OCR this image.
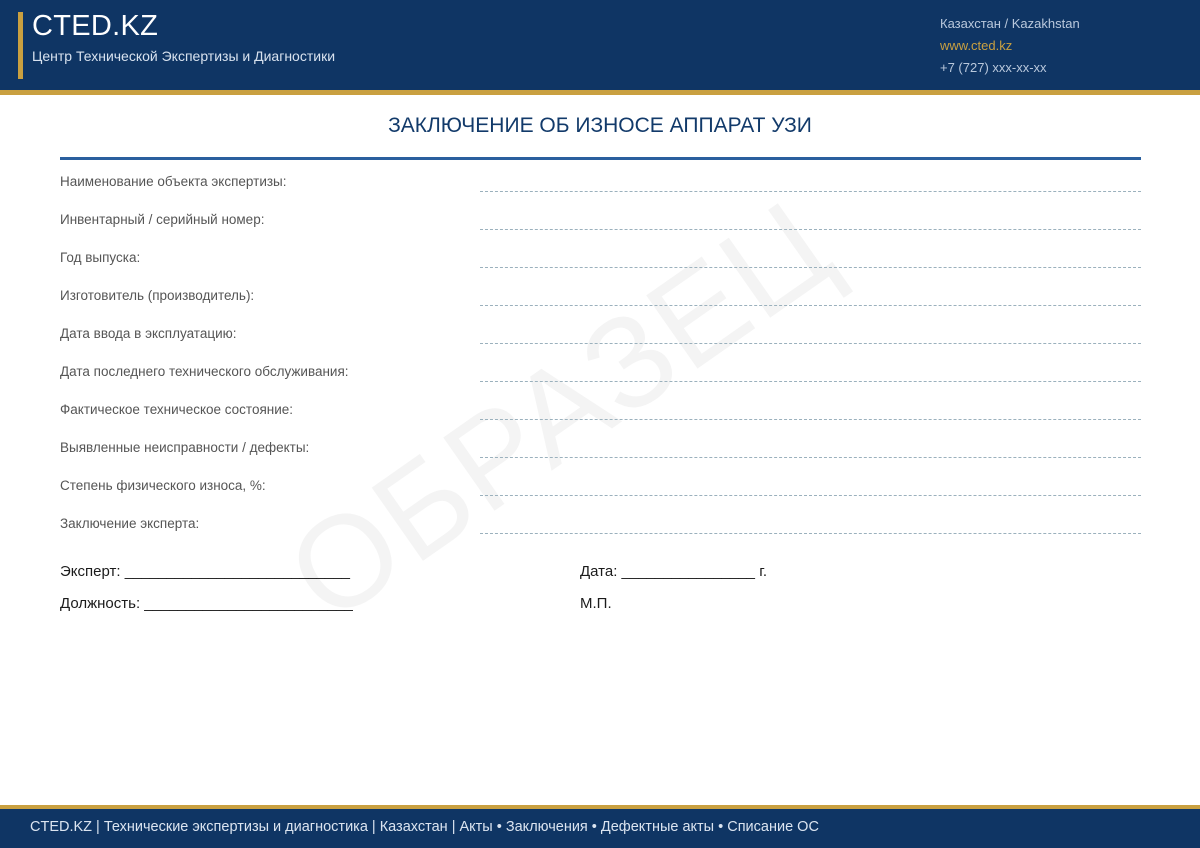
CTED.KZ
Центр Технической Экспертизы и Диагностики
Казахстан / Kazakhstan
www.cted.kz
+7 (727) xxx-xx-xx
ЗАКЛЮЧЕНИЕ ОБ ИЗНОСЕ АППАРАТ УЗИ
Наименование объекта экспертизы:
Инвентарный / серийный номер:
Год выпуска:
Изготовитель (производитель):
Дата ввода в эксплуатацию:
Дата последнего технического обслуживания:
Фактическое техническое состояние:
Выявленные неисправности / дефекты:
Степень физического износа, %:
Заключение эксперта:
Эксперт: ___________________________
Должность: _________________________
Дата: ________________ г.
М.П.
CTED.KZ | Технические экспертизы и диагностика | Казахстан | Акты • Заключения • Дефектные акты • Списание ОС
